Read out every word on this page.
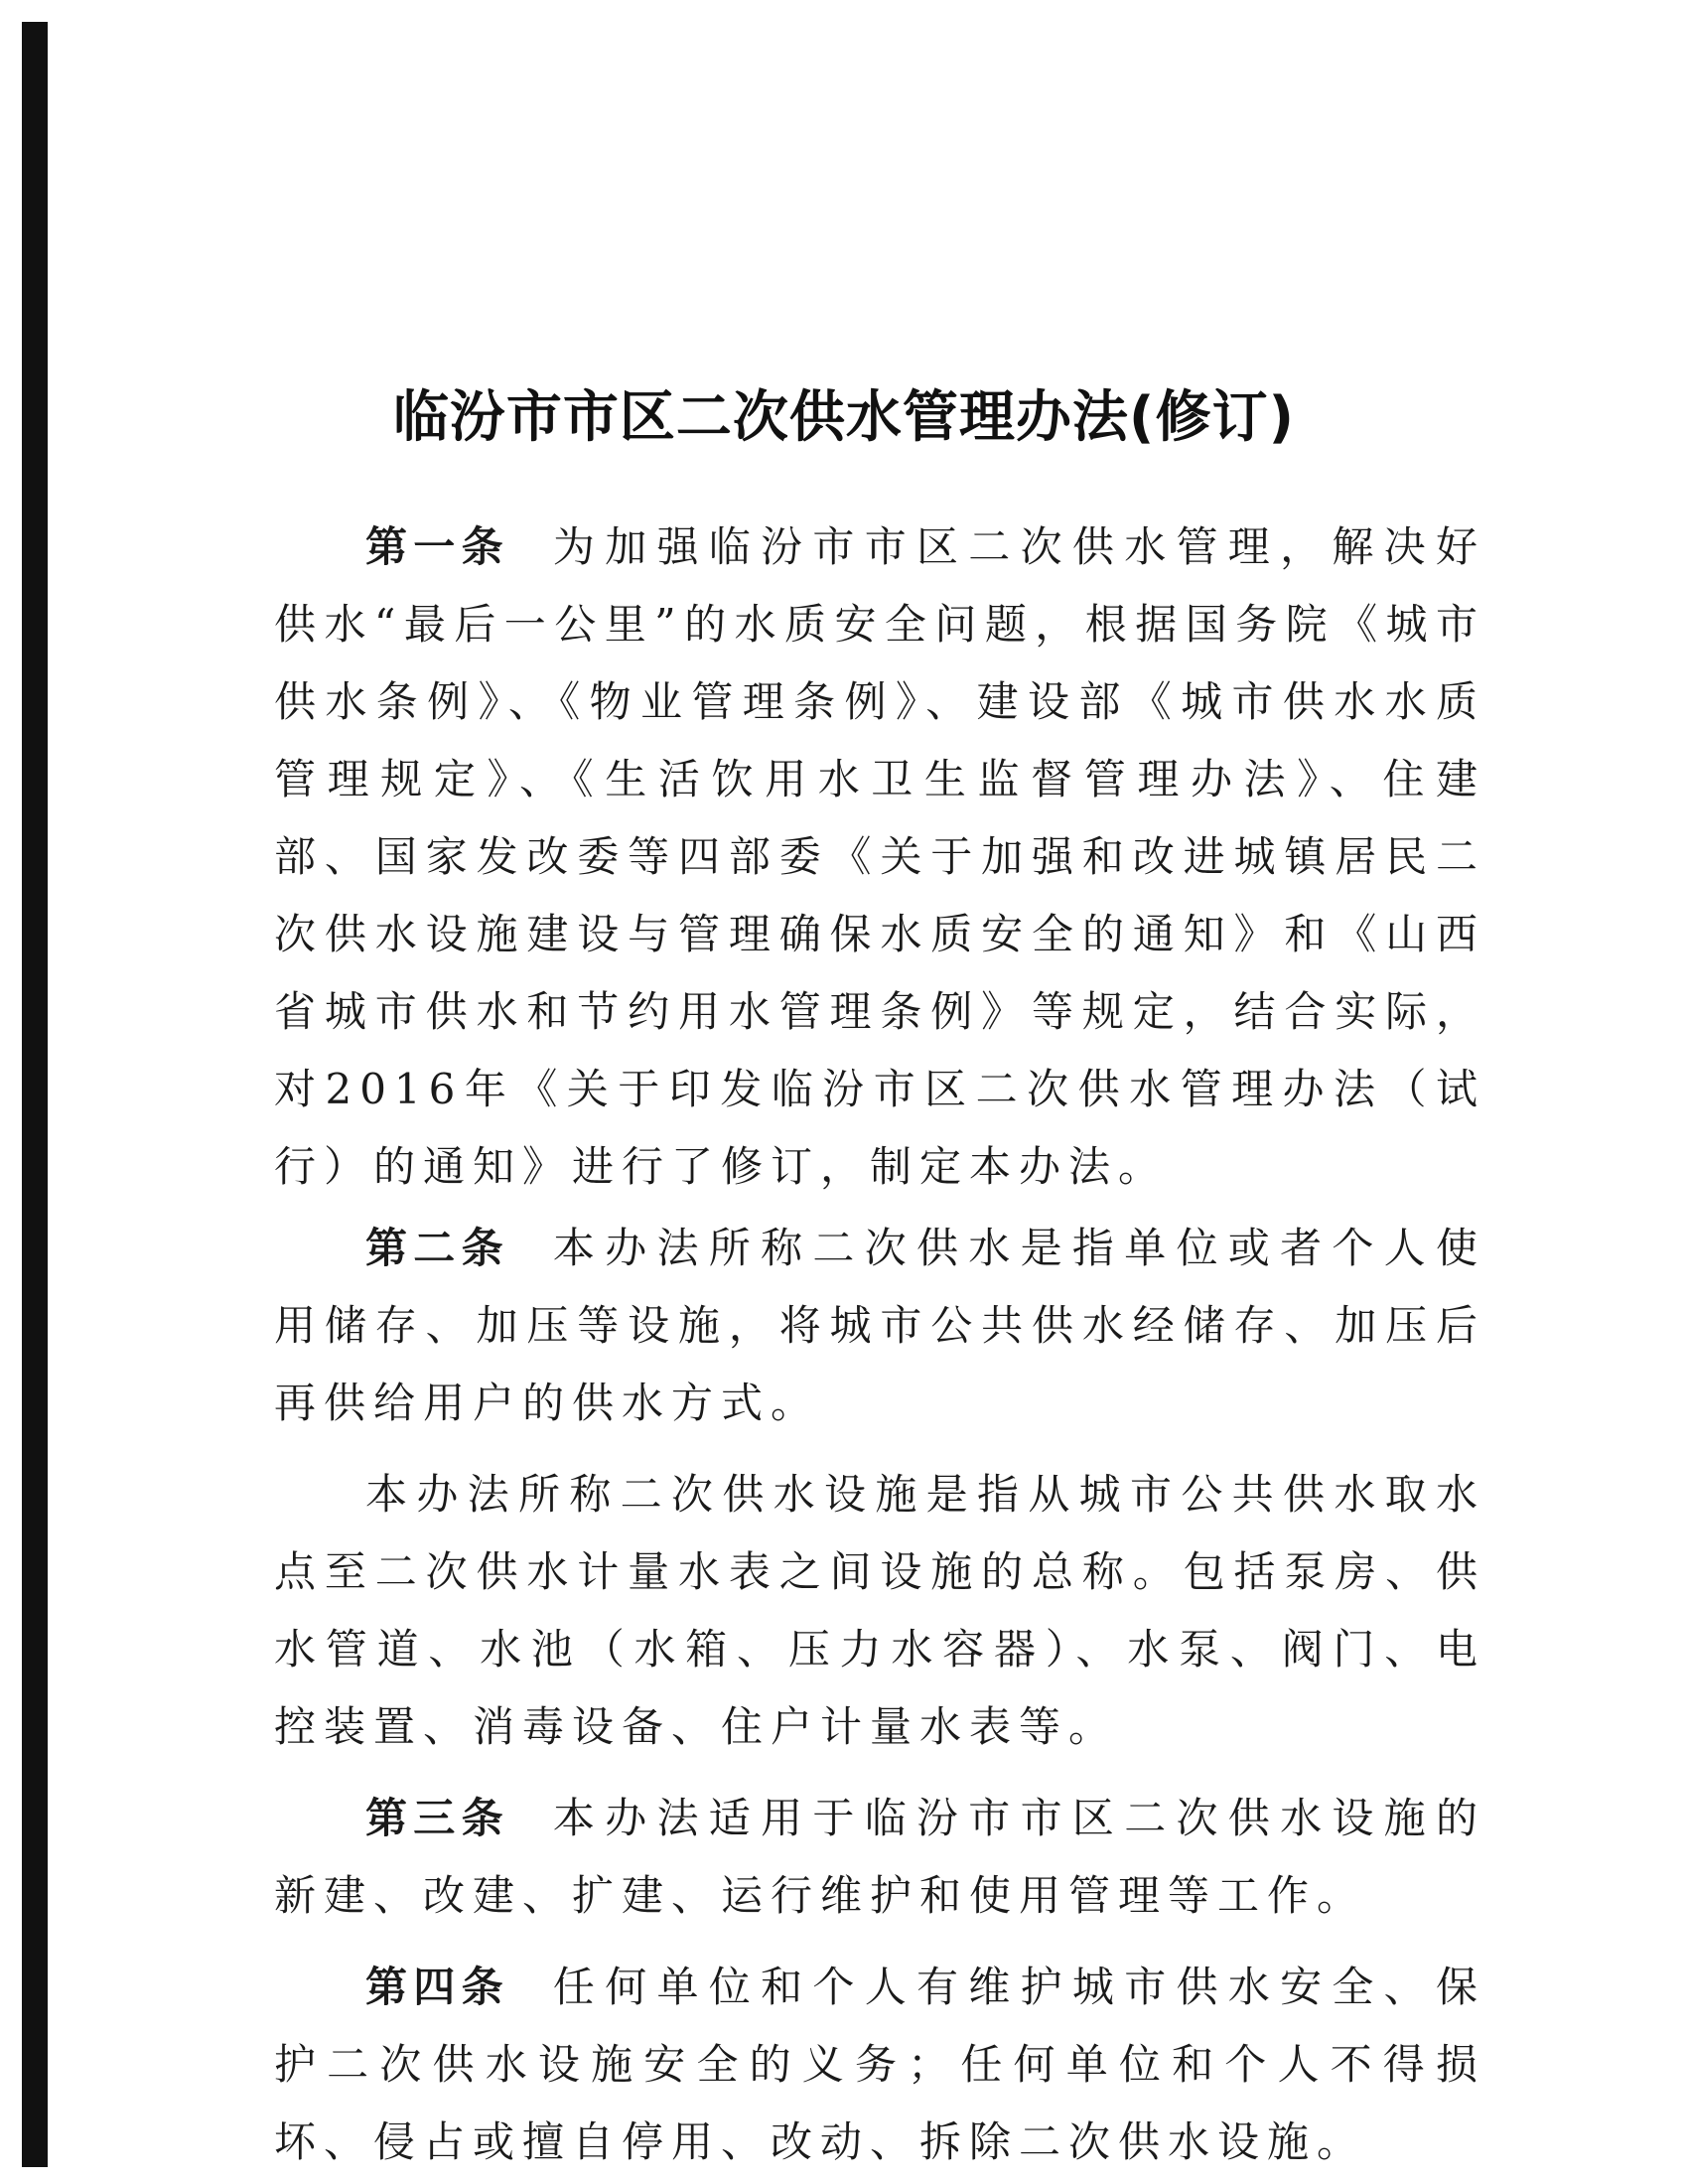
临汾市市区二次供水管理办法(修订)

第一条 为加强临汾市市区二次供水管理，解决好供水“最后一公里”的水质安全问题，根据国务院《城市供水条例》、《物业管理条例》、建设部《城市供水水质管理规定》、《生活饮用水卫生监督管理办法》、住建部、国家发改委等四部委《关于加强和改进城镇居民二次供水设施建设与管理确保水质安全的通知》和《山西省城市供水和节约用水管理条例》等规定，结合实际，对2016年《关于印发临汾市区二次供水管理办法（试行）的通知》进行了修订，制定本办法。

第二条 本办法所称二次供水是指单位或者个人使用储存、加压等设施，将城市公共供水经储存、加压后再供给用户的供水方式。

本办法所称二次供水设施是指从城市公共供水取水点至二次供水计量水表之间设施的总称。包括泵房、供水管道、水池（水箱、压力水容器）、水泵、阀门、电控装置、消毒设备、住户计量水表等。

第三条 本办法适用于临汾市市区二次供水设施的新建、改建、扩建、运行维护和使用管理等工作。

第四条 任何单位和个人有维护城市供水安全、保护二次供水设施安全的义务；任何单位和个人不得损坏、侵占或擅自停用、改动、拆除二次供水设施。
